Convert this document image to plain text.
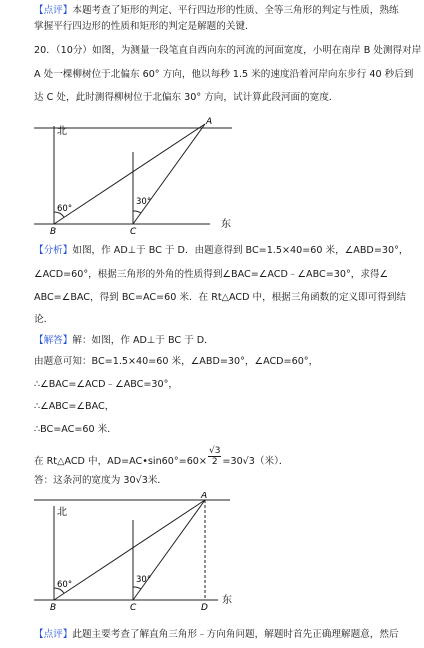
【点评】本题考查了矩形的判定、平行四边形的性质、全等三角形的判定与性质，熟练
掌握平行四边形的性质和矩形的判定是解题的关键．
20．（10分）如图，为测量一段笔直自西向东的河流的河面宽度，小明在南岸 B 处测得对岸
A 处一棵柳树位于北偏东 60° 方向，他以每秒 1.5 米的速度沿着河岸向东步行 40 秒后到
达 C 处，此时测得柳树位于北偏东 30° 方向，试计算此段河面的宽度．
北
东
A
B	C
60°
30°
【分析】如图，作 AD⊥于 BC 于 D．由题意得到 BC=1.5×40=60 米，∠ABD=30°，
∠ACD=60°，根据三角形的外角的性质得到∠BAC=∠ACD﹣∠ABC=30°，求得∠
ABC=∠BAC，得到 BC=AC=60 米．在 Rt△ACD 中，根据三角函数的定义即可得到结
论．
【解答】解：如图，作 AD⊥于 BC 于 D．
由题意可知：BC=1.5×40=60 米，∠ABD=30°，∠ACD=60°，
∴∠BAC=∠ACD﹣∠ABC=30°，
∴∠ABC=∠BAC，
∴BC=AC=60 米．
在 Rt△ACD 中，AD=AC•sin60°=60× $\frac{√3}{2} =30√3$（米）．
答：这条河的宽度为 30√3米．
北
东
A
B	C	D
60°	30°
【点评】此题主要考查了解直角三角形﹣方向角问题，解题时首先正确理解题意，然后
